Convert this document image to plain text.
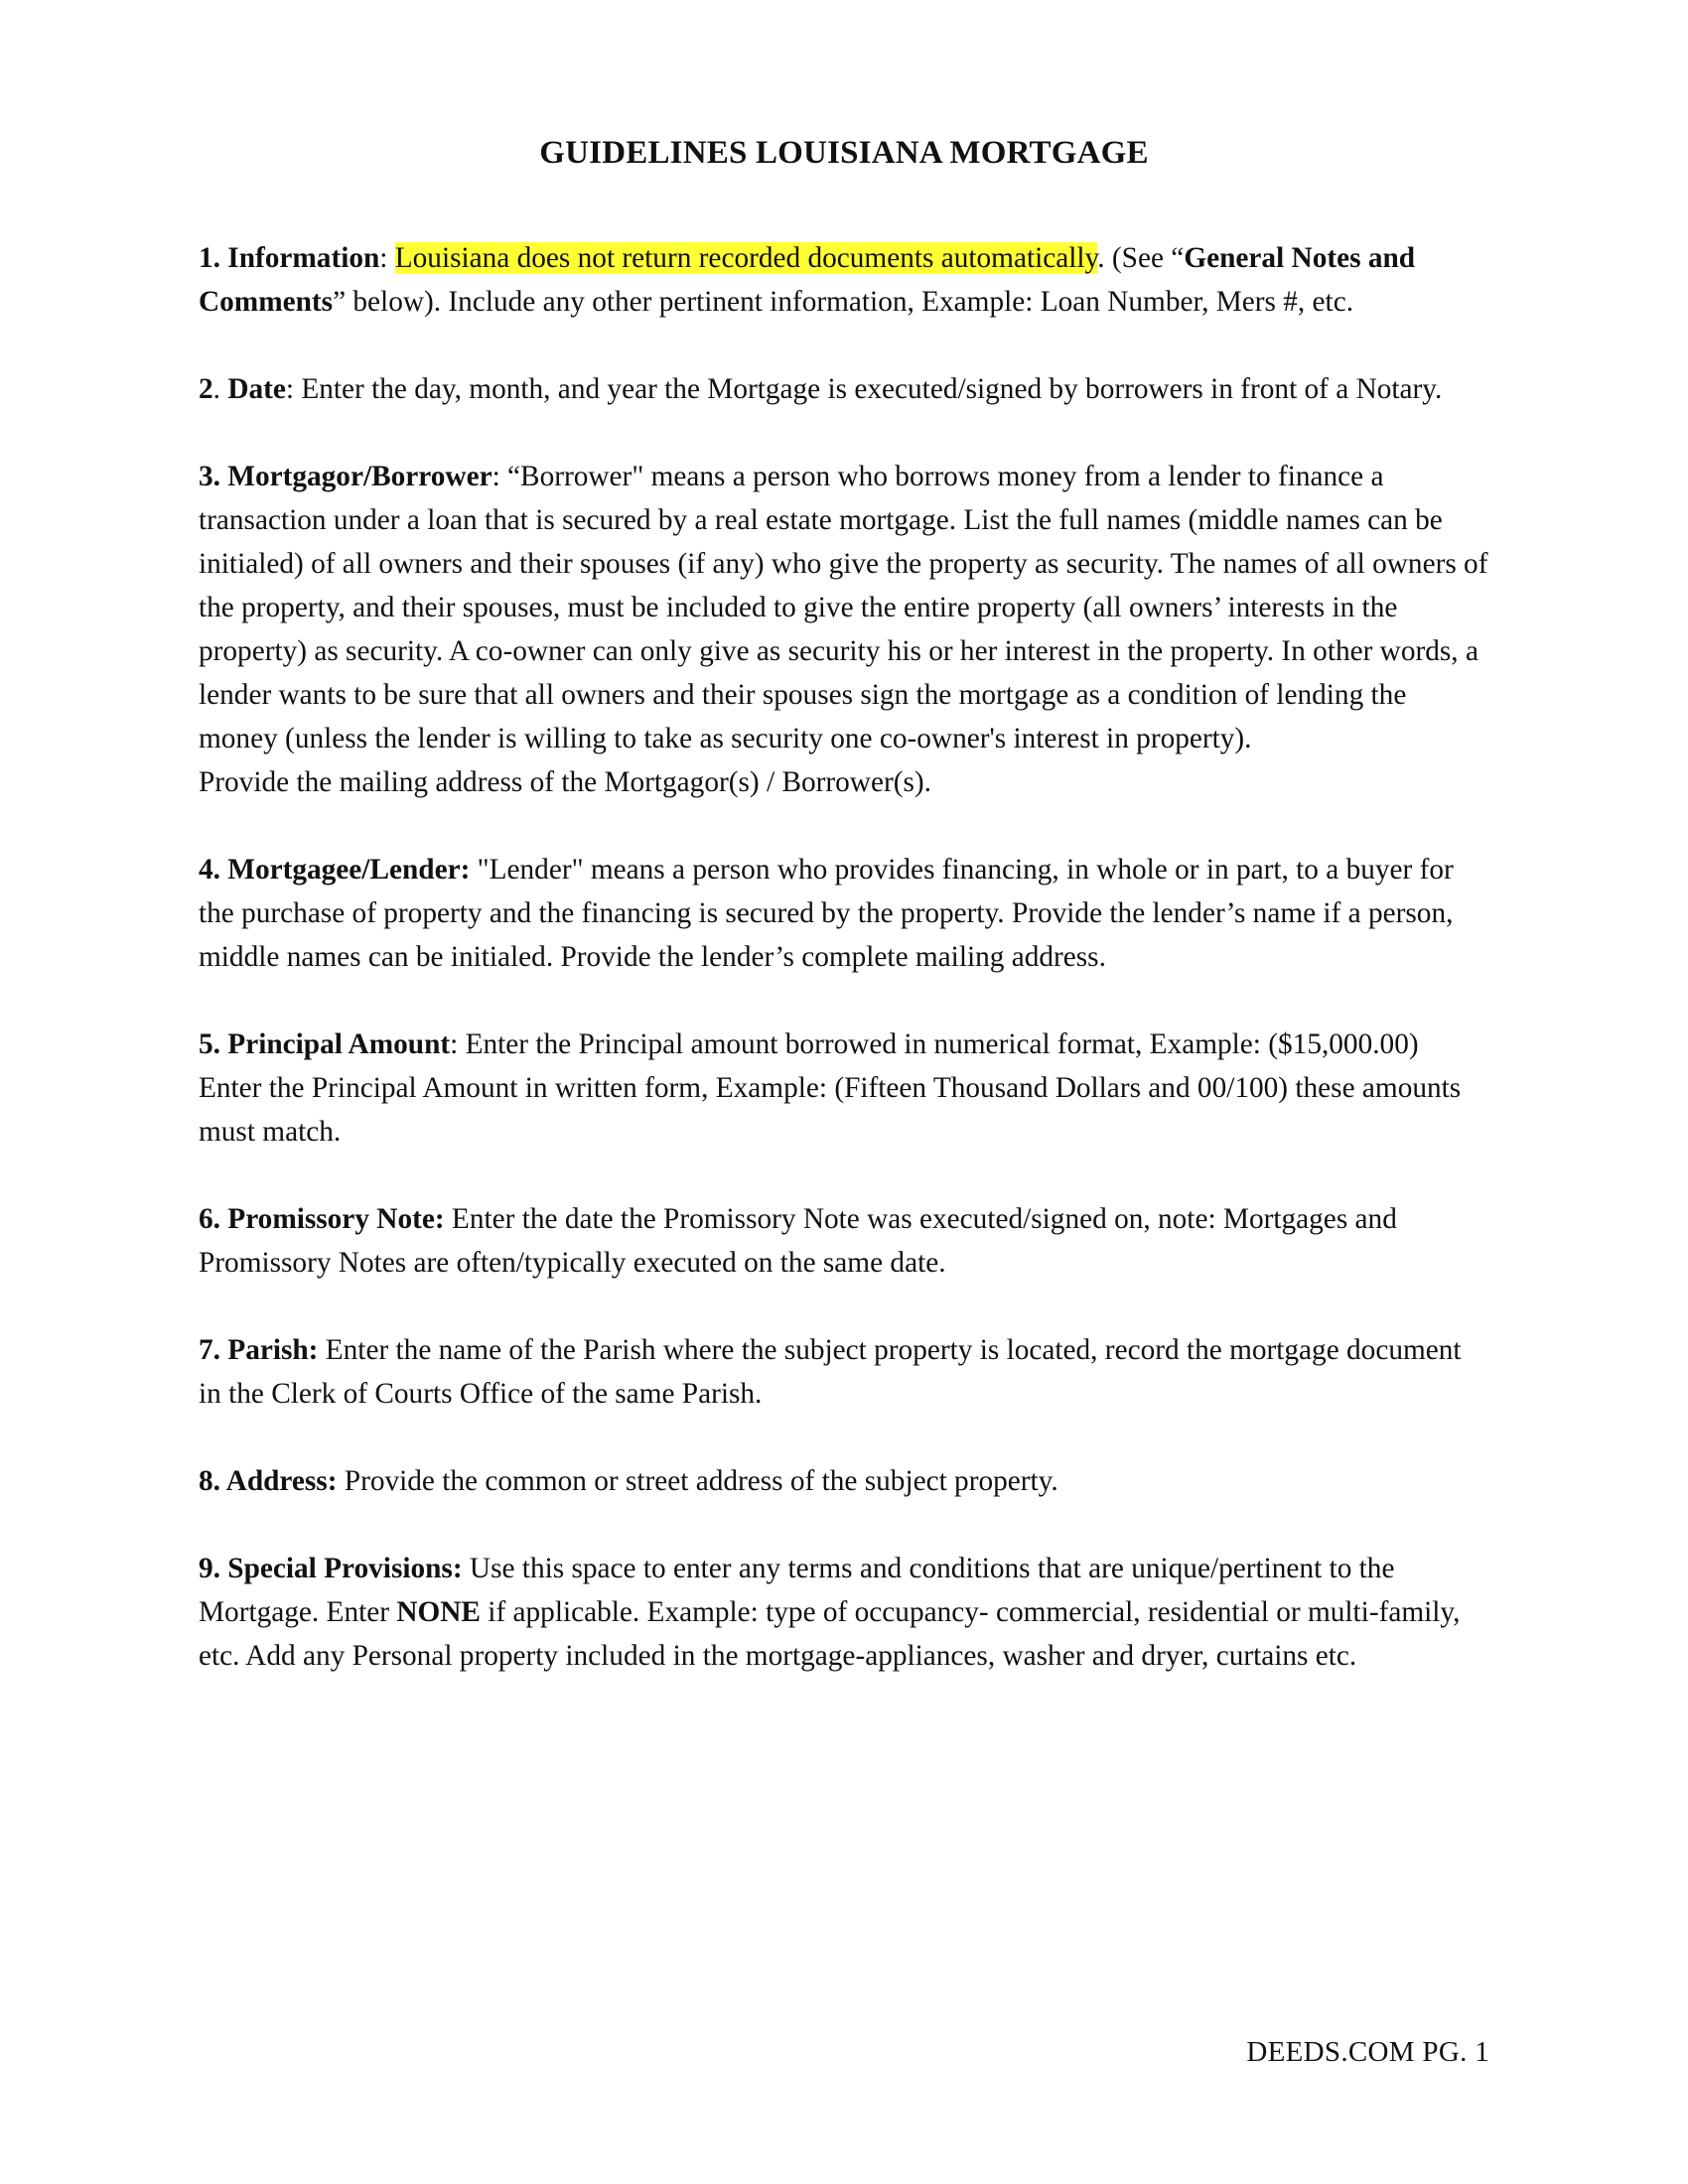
GUIDELINES LOUISIANA MORTGAGE

1. Information: Louisiana does not return recorded documents automatically. (See “General Notes and Comments” below). Include any other pertinent information, Example: Loan Number, Mers #, etc.

2. Date: Enter the day, month, and year the Mortgage is executed/signed by borrowers in front of a Notary.

3. Mortgagor/Borrower: “Borrower" means a person who borrows money from a lender to finance a transaction under a loan that is secured by a real estate mortgage. List the full names (middle names can be initialed) of all owners and their spouses (if any) who give the property as security. The names of all owners of the property, and their spouses, must be included to give the entire property (all owners’ interests in the property) as security. A co-owner can only give as security his or her interest in the property. In other words, a lender wants to be sure that all owners and their spouses sign the mortgage as a condition of lending the money (unless the lender is willing to take as security one co-owner's interest in property).

Provide the mailing address of the Mortgagor(s) / Borrower(s).

4. Mortgagee/Lender: "Lender" means a person who provides financing, in whole or in part, to a buyer for the purchase of property and the financing is secured by the property. Provide the lender’s name if a person, middle names can be initialed. Provide the lender’s complete mailing address.

5. Principal Amount: Enter the Principal amount borrowed in numerical format, Example: ($15,000.00)

Enter the Principal Amount in written form, Example: (Fifteen Thousand Dollars and 00/100) these amounts must match.

6. Promissory Note: Enter the date the Promissory Note was executed/signed on, note: Mortgages and Promissory Notes are often/typically executed on the same date.

7. Parish: Enter the name of the Parish where the subject property is located, record the mortgage document in the Clerk of Courts Office of the same Parish.

8. Address: Provide the common or street address of the subject property.

9. Special Provisions: Use this space to enter any terms and conditions that are unique/pertinent to the Mortgage. Enter NONE if applicable. Example: type of occupancy- commercial, residential or multi-family, etc. Add any Personal property included in the mortgage-appliances, washer and dryer, curtains etc.

DEEDS.COM PG. 1
